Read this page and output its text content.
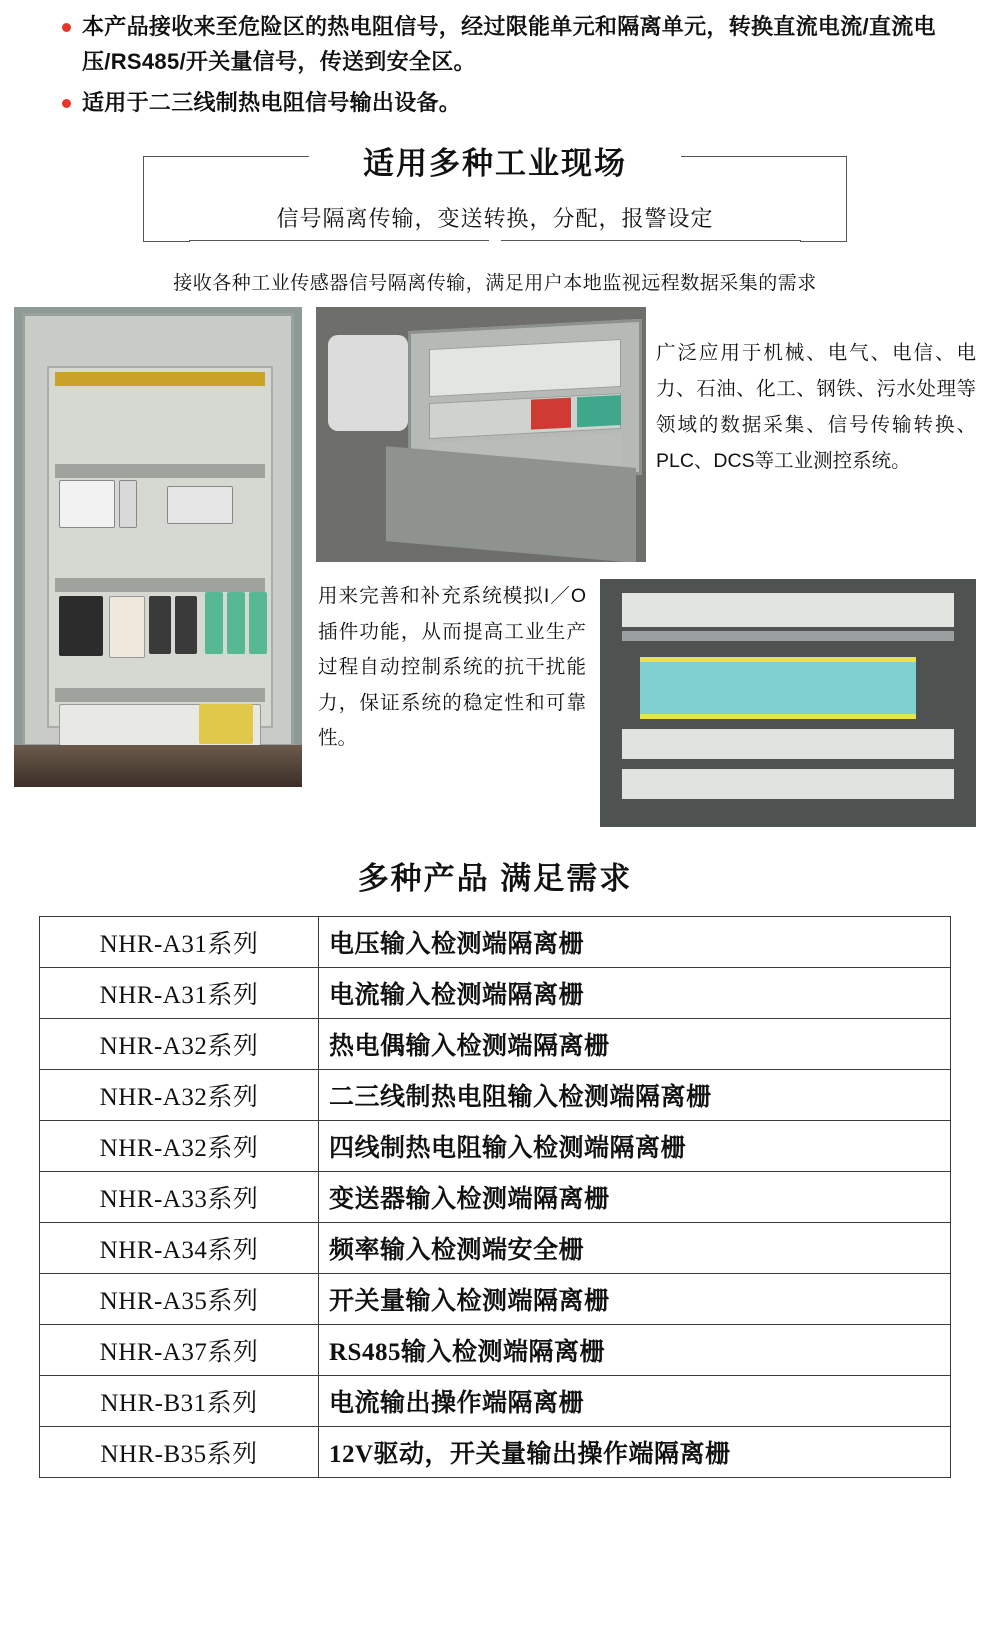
本产品接收来至危险区的热电阻信号，经过限能单元和隔离单元，转换直流电流/直流电压/RS485/开关量信号，传送到安全区。
适用于二三线制热电阻信号输出设备。
适用多种工业现场
信号隔离传输，变送转换，分配，报警设定
接收各种工业传感器信号隔离传输，满足用户本地监视远程数据采集的需求
广泛应用于机械、电气、电信、电力、石油、化工、钢铁、污水处理等领域的数据采集、信号传输转换、PLC、DCS等工业测控系统。
用来完善和补充系统模拟I／O插件功能，从而提高工业生产过程自动控制系统的抗干扰能力，保证系统的稳定性和可靠性。
多种产品 满足需求
NHR-A31系列	电压输入检测端隔离栅
NHR-A31系列	电流输入检测端隔离栅
NHR-A32系列	热电偶输入检测端隔离栅
NHR-A32系列	二三线制热电阻输入检测端隔离栅
NHR-A32系列	四线制热电阻输入检测端隔离栅
NHR-A33系列	变送器输入检测端隔离栅
NHR-A34系列	频率输入检测端安全栅
NHR-A35系列	开关量输入检测端隔离栅
NHR-A37系列	RS485输入检测端隔离栅
NHR-B31系列	电流输出操作端隔离栅
NHR-B35系列	12V驱动，开关量输出操作端隔离栅
